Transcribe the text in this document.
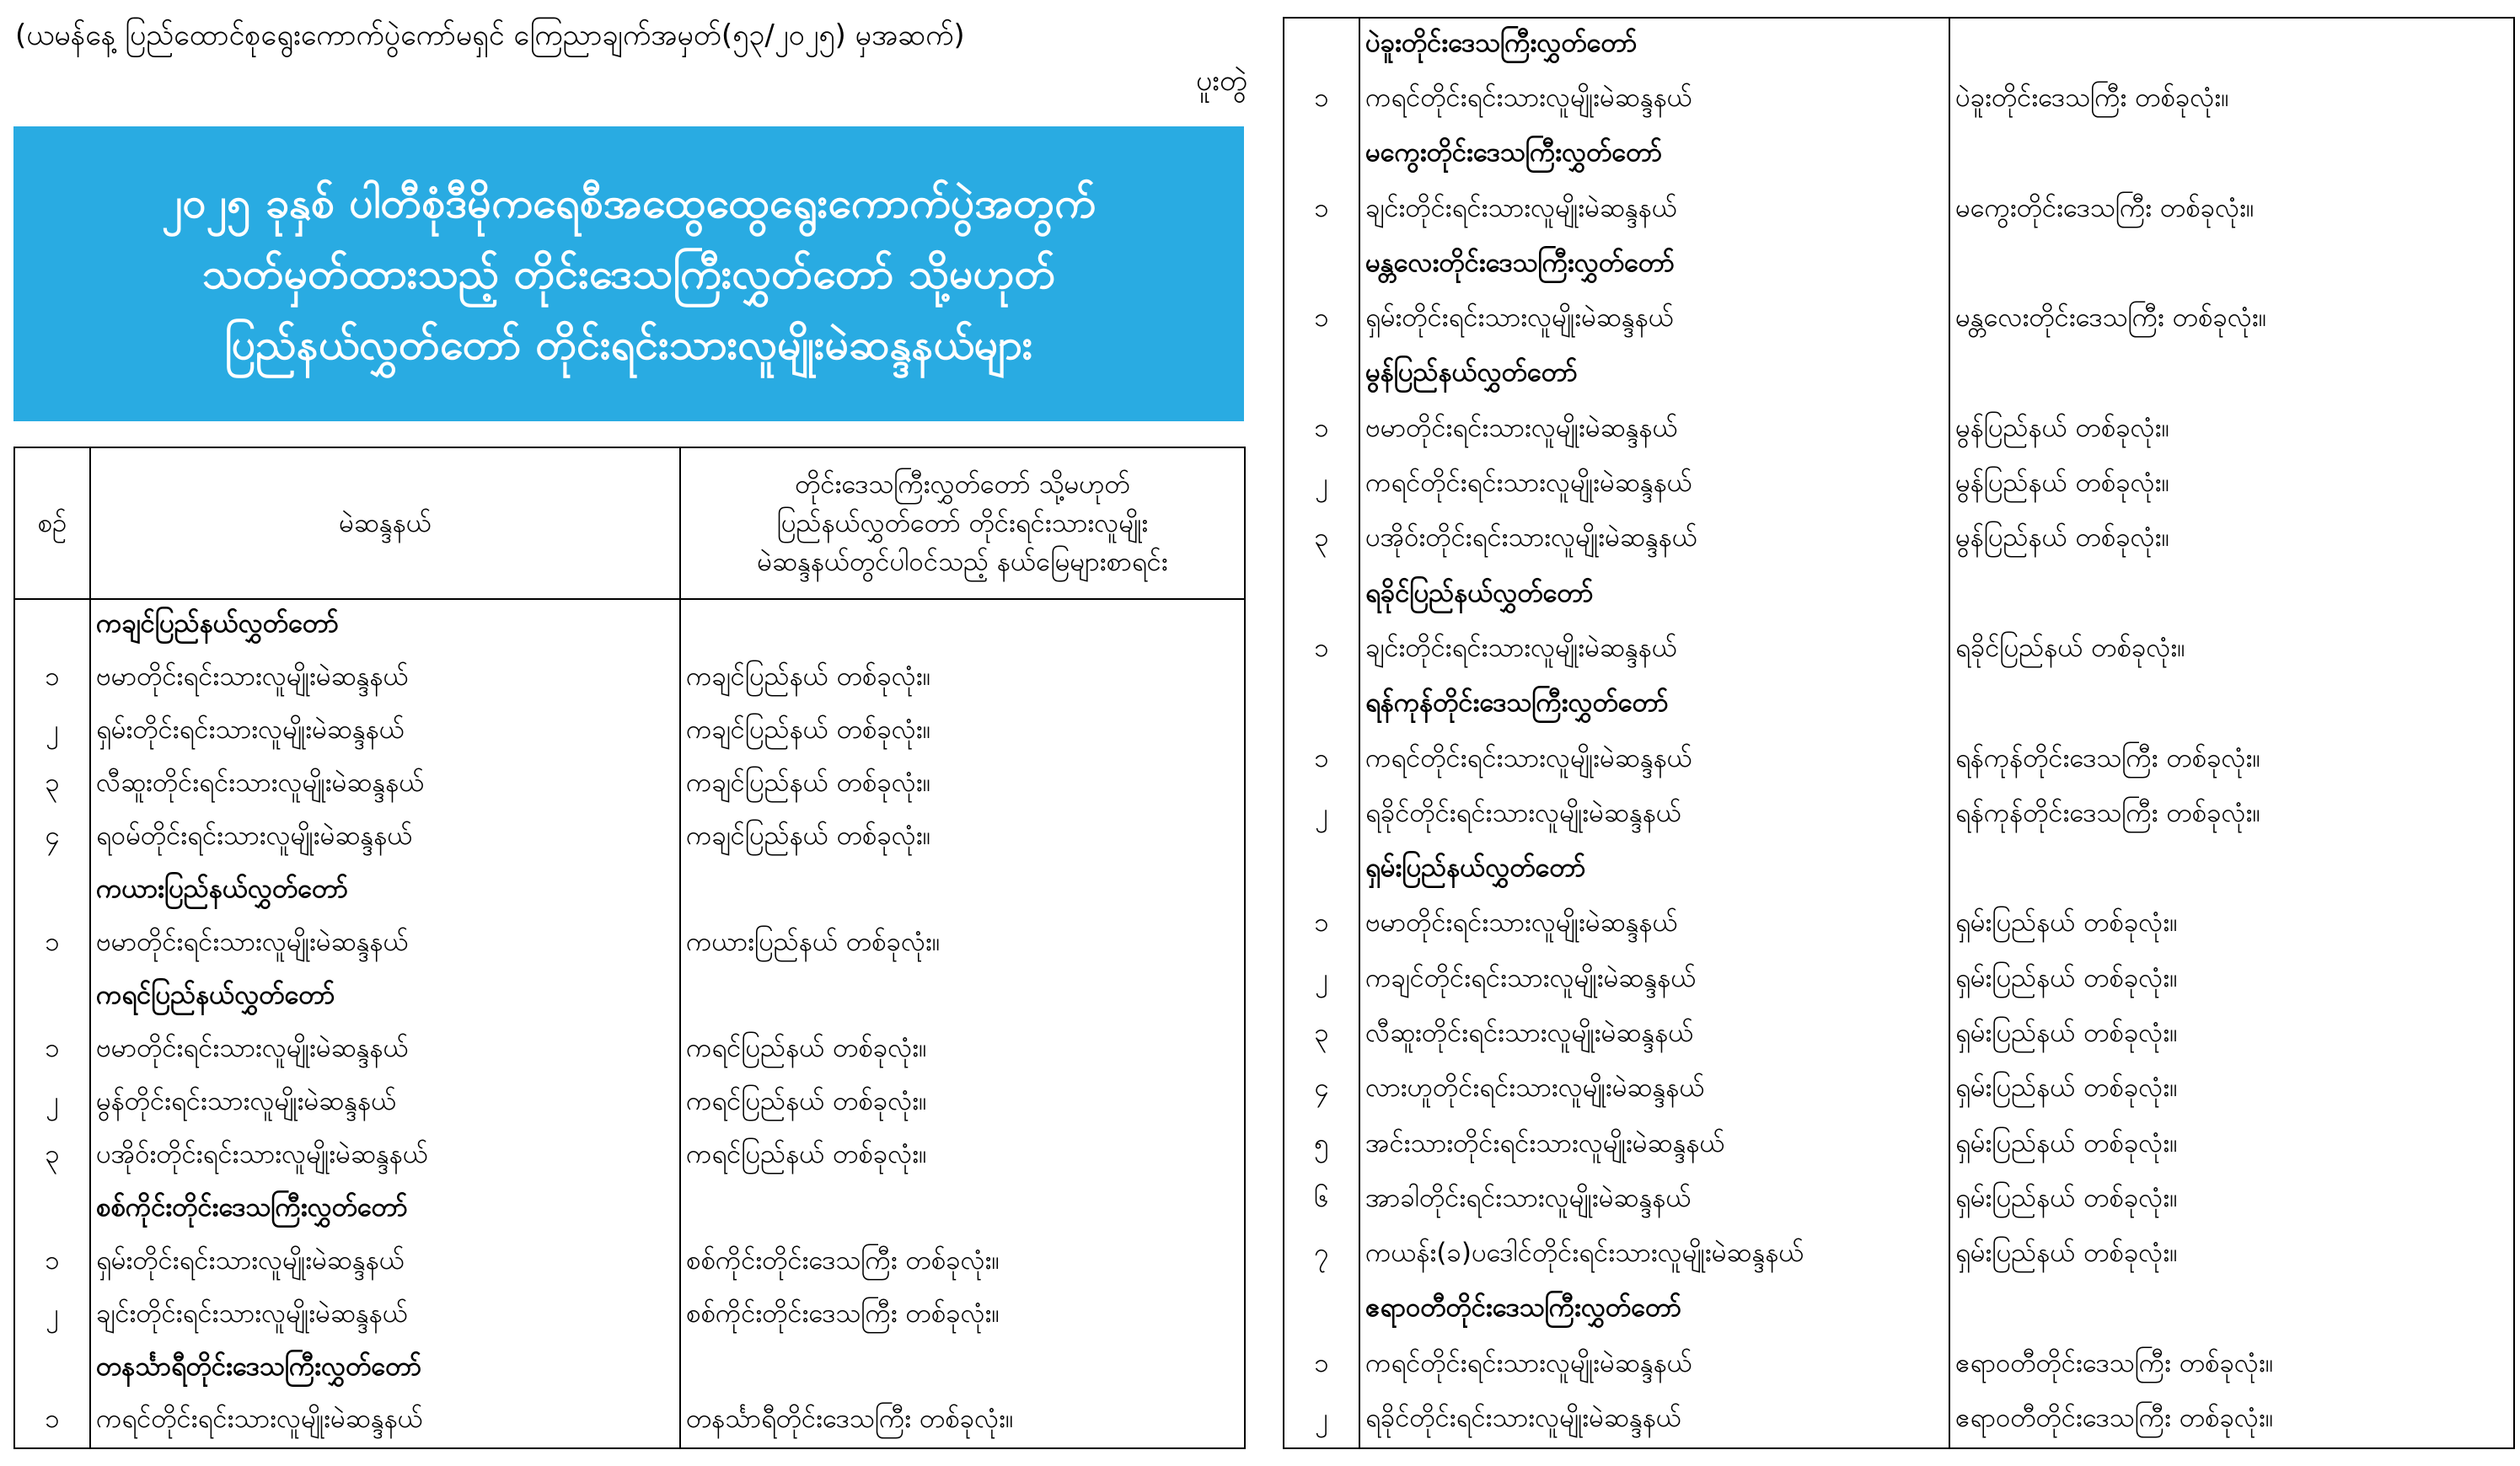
(ယမန်နေ့ ပြည်ထောင်စုရွေးကောက်ပွဲကော်မရှင် ကြေညာချက်အမှတ်(၅၃/၂၀၂၅) မှအဆက်)
ပူးတွဲ
၂၀၂၅ ခုနှစ် ပါတီစုံဒီမိုကရေစီအထွေထွေရွေးကောက်ပွဲအတွက်
သတ်မှတ်ထားသည့် တိုင်းဒေသကြီးလွှတ်တော် သို့မဟုတ်
ပြည်နယ်လွှတ်တော် တိုင်းရင်းသားလူမျိုးမဲဆန္ဒနယ်များ
စဉ်	မဲဆန္ဒနယ်	တိုင်းဒေသကြီးလွှတ်တော် သို့မဟုတ်
ပြည်နယ်လွှတ်တော် တိုင်းရင်းသားလူမျိုး
မဲဆန္ဒနယ်တွင်ပါဝင်သည့် နယ်မြေများစာရင်း

	ကချင်ပြည်နယ်လွှတ်တော်	
၁	ဗမာတိုင်းရင်းသားလူမျိုးမဲဆန္ဒနယ်	ကချင်ပြည်နယ် တစ်ခုလုံး။
၂	ရှမ်းတိုင်းရင်းသားလူမျိုးမဲဆန္ဒနယ်	ကချင်ပြည်နယ် တစ်ခုလုံး။
၃	လီဆူးတိုင်းရင်းသားလူမျိုးမဲဆန္ဒနယ်	ကချင်ပြည်နယ် တစ်ခုလုံး။
၄	ရဝမ်တိုင်းရင်းသားလူမျိုးမဲဆန္ဒနယ်	ကချင်ပြည်နယ် တစ်ခုလုံး။
	ကယားပြည်နယ်လွှတ်တော်	
၁	ဗမာတိုင်းရင်းသားလူမျိုးမဲဆန္ဒနယ်	ကယားပြည်နယ် တစ်ခုလုံး။
	ကရင်ပြည်နယ်လွှတ်တော်	
၁	ဗမာတိုင်းရင်းသားလူမျိုးမဲဆန္ဒနယ်	ကရင်ပြည်နယ် တစ်ခုလုံး။
၂	မွန်တိုင်းရင်းသားလူမျိုးမဲဆန္ဒနယ်	ကရင်ပြည်နယ် တစ်ခုလုံး။
၃	ပအိုဝ်းတိုင်းရင်းသားလူမျိုးမဲဆန္ဒနယ်	ကရင်ပြည်နယ် တစ်ခုလုံး။
	စစ်ကိုင်းတိုင်းဒေသကြီးလွှတ်တော်	
၁	ရှမ်းတိုင်းရင်းသားလူမျိုးမဲဆန္ဒနယ်	စစ်ကိုင်းတိုင်းဒေသကြီး တစ်ခုလုံး။
၂	ချင်းတိုင်းရင်းသားလူမျိုးမဲဆန္ဒနယ်	စစ်ကိုင်းတိုင်းဒေသကြီး တစ်ခုလုံး။
	တနင်္သာရီတိုင်းဒေသကြီးလွှတ်တော်	
၁	ကရင်တိုင်းရင်းသားလူမျိုးမဲဆန္ဒနယ်	တနင်္သာရီတိုင်းဒေသကြီး တစ်ခုလုံး။
	ပဲခူးတိုင်းဒေသကြီးလွှတ်တော်	
၁	ကရင်တိုင်းရင်းသားလူမျိုးမဲဆန္ဒနယ်	ပဲခူးတိုင်းဒေသကြီး တစ်ခုလုံး။
	မကွေးတိုင်းဒေသကြီးလွှတ်တော်	
၁	ချင်းတိုင်းရင်းသားလူမျိုးမဲဆန္ဒနယ်	မကွေးတိုင်းဒေသကြီး တစ်ခုလုံး။
	မန္တလေးတိုင်းဒေသကြီးလွှတ်တော်	
၁	ရှမ်းတိုင်းရင်းသားလူမျိုးမဲဆန္ဒနယ်	မန္တလေးတိုင်းဒေသကြီး တစ်ခုလုံး။
	မွန်ပြည်နယ်လွှတ်တော်	
၁	ဗမာတိုင်းရင်းသားလူမျိုးမဲဆန္ဒနယ်	မွန်ပြည်နယ် တစ်ခုလုံး။
၂	ကရင်တိုင်းရင်းသားလူမျိုးမဲဆန္ဒနယ်	မွန်ပြည်နယ် တစ်ခုလုံး။
၃	ပအိုဝ်းတိုင်းရင်းသားလူမျိုးမဲဆန္ဒနယ်	မွန်ပြည်နယ် တစ်ခုလုံး။
	ရခိုင်ပြည်နယ်လွှတ်တော်	
၁	ချင်းတိုင်းရင်းသားလူမျိုးမဲဆန္ဒနယ်	ရခိုင်ပြည်နယ် တစ်ခုလုံး။
	ရန်ကုန်တိုင်းဒေသကြီးလွှတ်တော်	
၁	ကရင်တိုင်းရင်းသားလူမျိုးမဲဆန္ဒနယ်	ရန်ကုန်တိုင်းဒေသကြီး တစ်ခုလုံး။
၂	ရခိုင်တိုင်းရင်းသားလူမျိုးမဲဆန္ဒနယ်	ရန်ကုန်တိုင်းဒေသကြီး တစ်ခုလုံး။
	ရှမ်းပြည်နယ်လွှတ်တော်	
၁	ဗမာတိုင်းရင်းသားလူမျိုးမဲဆန္ဒနယ်	ရှမ်းပြည်နယ် တစ်ခုလုံး။
၂	ကချင်တိုင်းရင်းသားလူမျိုးမဲဆန္ဒနယ်	ရှမ်းပြည်နယ် တစ်ခုလုံး။
၃	လီဆူးတိုင်းရင်းသားလူမျိုးမဲဆန္ဒနယ်	ရှမ်းပြည်နယ် တစ်ခုလုံး။
၄	လားဟူတိုင်းရင်းသားလူမျိုးမဲဆန္ဒနယ်	ရှမ်းပြည်နယ် တစ်ခုလုံး။
၅	အင်းသားတိုင်းရင်းသားလူမျိုးမဲဆန္ဒနယ်	ရှမ်းပြည်နယ် တစ်ခုလုံး။
၆	အာခါတိုင်းရင်းသားလူမျိုးမဲဆန္ဒနယ်	ရှမ်းပြည်နယ် တစ်ခုလုံး။
၇	ကယန်း(ခ)ပဒေါင်တိုင်းရင်းသားလူမျိုးမဲဆန္ဒနယ်	ရှမ်းပြည်နယ် တစ်ခုလုံး။
	ဧရာဝတီတိုင်းဒေသကြီးလွှတ်တော်	
၁	ကရင်တိုင်းရင်းသားလူမျိုးမဲဆန္ဒနယ်	ဧရာဝတီတိုင်းဒေသကြီး တစ်ခုလုံး။
၂	ရခိုင်တိုင်းရင်းသားလူမျိုးမဲဆန္ဒနယ်	ဧရာဝတီတိုင်းဒေသကြီး တစ်ခုလုံး။
